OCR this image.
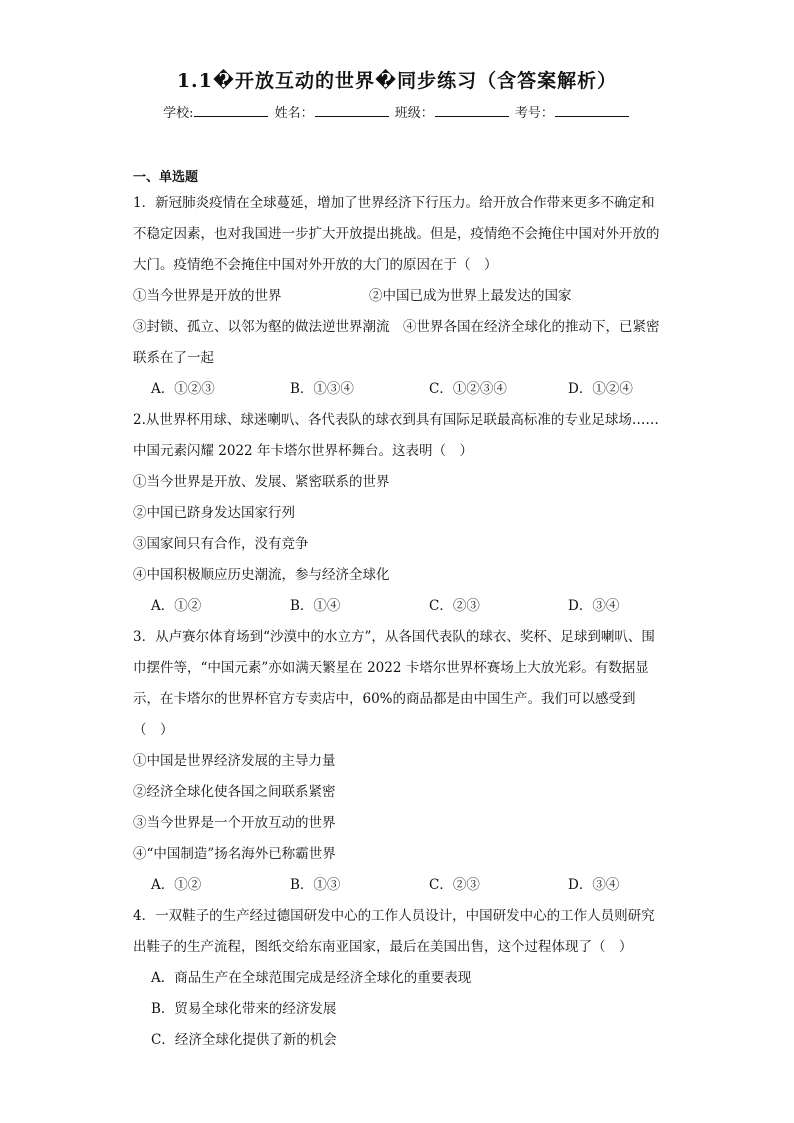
1.1�开放互动的世界�同步练习（含答案解析）
学校:	姓名：	班级：	考号：
一、单选题
1．新冠肺炎疫情在全球蔓延，增加了世界经济下行压力。给开放合作带来更多不确定和不稳定因素，也对我国进一步扩大开放提出挑战。但是，疫情绝不会掩住中国对外开放的大门。疫情绝不会掩住中国对外开放的大门的原因在于（　）
①当今世界是开放的世界	②中国已成为世界上最发达的国家
③封锁、孤立、以邻为壑的做法逆世界潮流　④世界各国在经济全球化的推动下，已紧密联系在了一起
A．①②③	B．①③④	C．①②③④	D．①②④
2.从世界杯用球、球迷喇叭、各代表队的球衣到具有国际足联最高标准的专业足球场……中国元素闪耀 2022 年卡塔尔世界杯舞台。这表明（　）
①当今世界是开放、发展、紧密联系的世界
②中国已跻身发达国家行列
③国家间只有合作，没有竞争
④中国积极顺应历史潮流，参与经济全球化
A．①②	B．①④	C．②③	D．③④
3．从卢赛尔体育场到“沙漠中的水立方”，从各国代表队的球衣、奖杯、足球到喇叭、围巾摆件等，“中国元素”亦如满天繁星在 2022 卡塔尔世界杯赛场上大放光彩。有数据显示，在卡塔尔的世界杯官方专卖店中，60%的商品都是由中国生产。我们可以感受到（　）
①中国是世界经济发展的主导力量
②经济全球化使各国之间联系紧密
③当今世界是一个开放互动的世界
④“中国制造”扬名海外已称霸世界
A．①②	B．①③	C．②③	D．③④
4．一双鞋子的生产经过德国研发中心的工作人员设计，中国研发中心的工作人员则研究出鞋子的生产流程，图纸交给东南亚国家，最后在美国出售，这个过程体现了（　）
A．商品生产在全球范围完成是经济全球化的重要表现
B．贸易全球化带来的经济发展
C．经济全球化提供了新的机会
